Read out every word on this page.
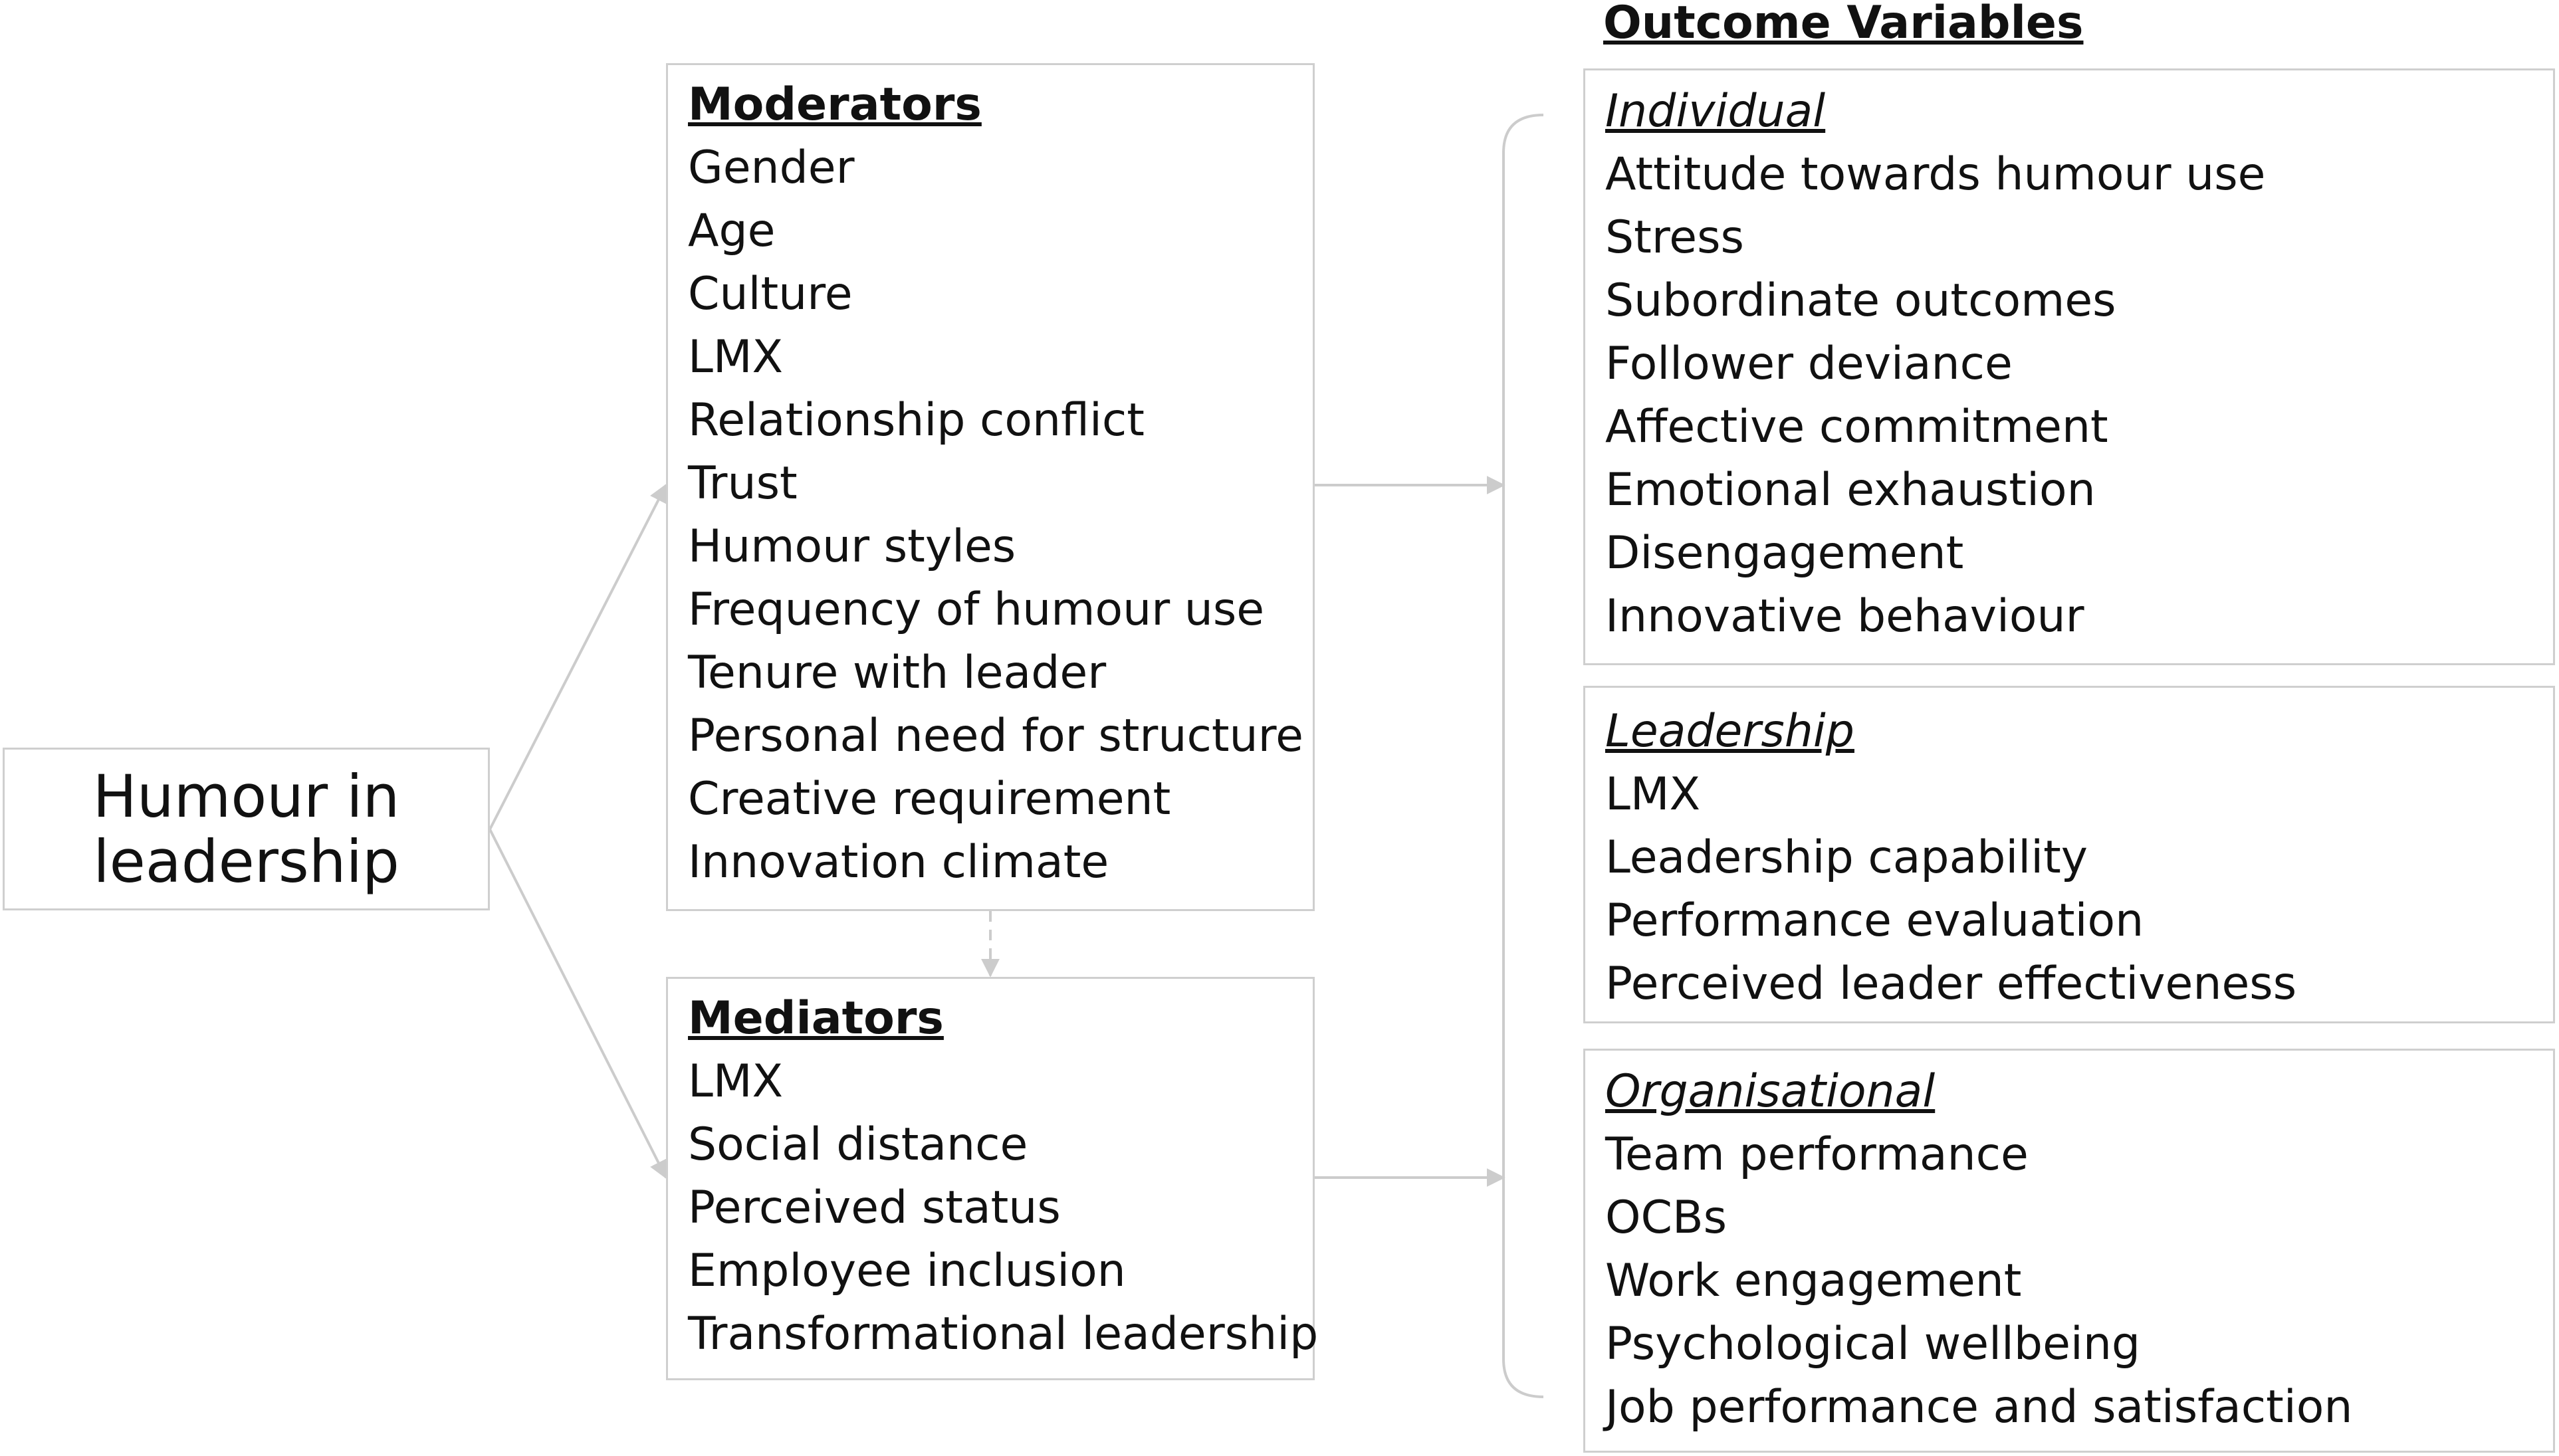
Humour in leadership
Moderators
Gender
Age
Culture
LMX
Relationship conflict
Trust
Humour styles
Frequency of humour use
Tenure with leader
Personal need for structure
Creative requirement
Innovation climate
Mediators
LMX
Social distance
Perceived status
Employee inclusion
Transformational leadership
Outcome Variables
Individual
Attitude towards humour use
Stress
Subordinate outcomes
Follower deviance
Affective commitment
Emotional exhaustion
Disengagement
Innovative behaviour
Leadership
LMX
Leadership capability
Performance evaluation
Perceived leader effectiveness
Organisational
Team performance
OCBs
Work engagement
Psychological wellbeing
Job performance and satisfaction
